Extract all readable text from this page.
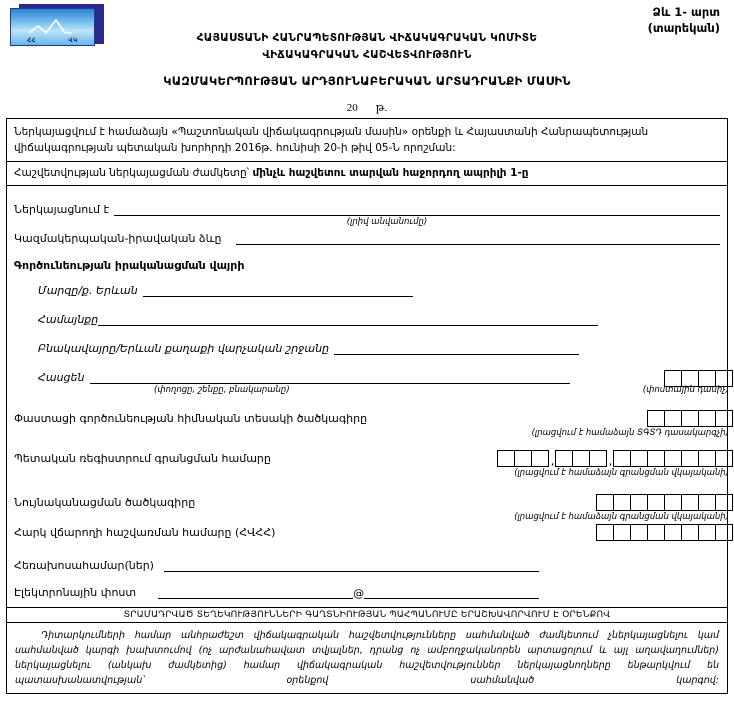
ՀՀ	ՎԿ
Ձև 1- արտ
(տարեկան)
ՀԱՅԱՍՏԱՆԻ ՀԱՆՐԱՊԵՏՈՒԹՅԱՆ ՎԻՃԱԿԱԳՐԱԿԱՆ ԿՈՄԻՏԵ
ՎԻՃԱԿԱԳՐԱԿԱՆ ՀԱՇՎԵՏՎՈՒԹՅՈՒՆ
ԿԱԶՄԱԿԵՐՊՈՒԹՅԱՆ ԱՐԴՅՈՒՆԱԲԵՐԱԿԱՆ ԱՐՏԱԴՐԱՆՔԻ ՄԱՍԻՆ
20 թ.
Ներկայացվում է համաձայն «Պաշտոնական վիճակագրության մասին» օրենքի և Հայաստանի Հանրապետության վիճակագրության պետական խորհրդի 2016թ. հունիսի 20-ի թիվ 05-Ն որոշման:
Հաշվետվության ներկայացման ժամկետը՝ մինչև հաշվետու տարվան հաջորդող ապրիլի 1-ը
Ներկայացնում է
(լրիվ անվանումը)
Կազմակերպական-իրավական ձևը
Գործունեության իրականացման վայրի
Մարզը/ք. Երևան
Համայնքը
Բնակավայրը/Երևան քաղաքի վարչական շրջանը
Հասցեն
(փողոցը, շենքը, բնակարանը)	(փոստային դասիչ)
Փաստացի գործունեության հիմնական տեսակի ծածկագիրը
(լրացվում է համաձայն ՏԳՏԴ դասակարգչի)
Պետական ռեգիստրում գրանցման համարը	,	,
(լրացվում է համաձայն գրանցման վկայականի)
Նույնականացման ծածկագիրը
(լրացվում է համաձայն գրանցման վկայականի)
Հարկ վճարողի հաշվառման համարը (ՀՎՀՀ)
Հեռախոսահամար(ներ)
Էլեկտրոնային փոստ	@
ՏՐԱՄԱԴՐՎԱԾ ՏԵՂԵԿՈՒԹՅՈՒՆՆԵՐԻ ԳԱՂՏՆԻՈՒԹՅԱՆ ՊԱՀՊԱՆՈՒՄԸ ԵՐԱՇԽԱՎՈՐՎՈՒՄ Է ՕՐԵՆՔՈՎ
Դիտարկումների համար անհրաժեշտ վիճակագրական հաշվետվությունները սահմանված ժամկետում չներկայացնելու կամ սահմանված կարգի խախտումով (ոչ արժանահավատ տվյալներ, դրանց ոչ ամբողջականորեն արտացոլում և այլ աղավաղումներ) ներկայացնելու (անկախ ժամկետից) համար վիճակագրական հաշվետվություններ ներկայացնողները ենթարկվում են պատասխանատվության՝ օրենքով սահմանված կարգով:
